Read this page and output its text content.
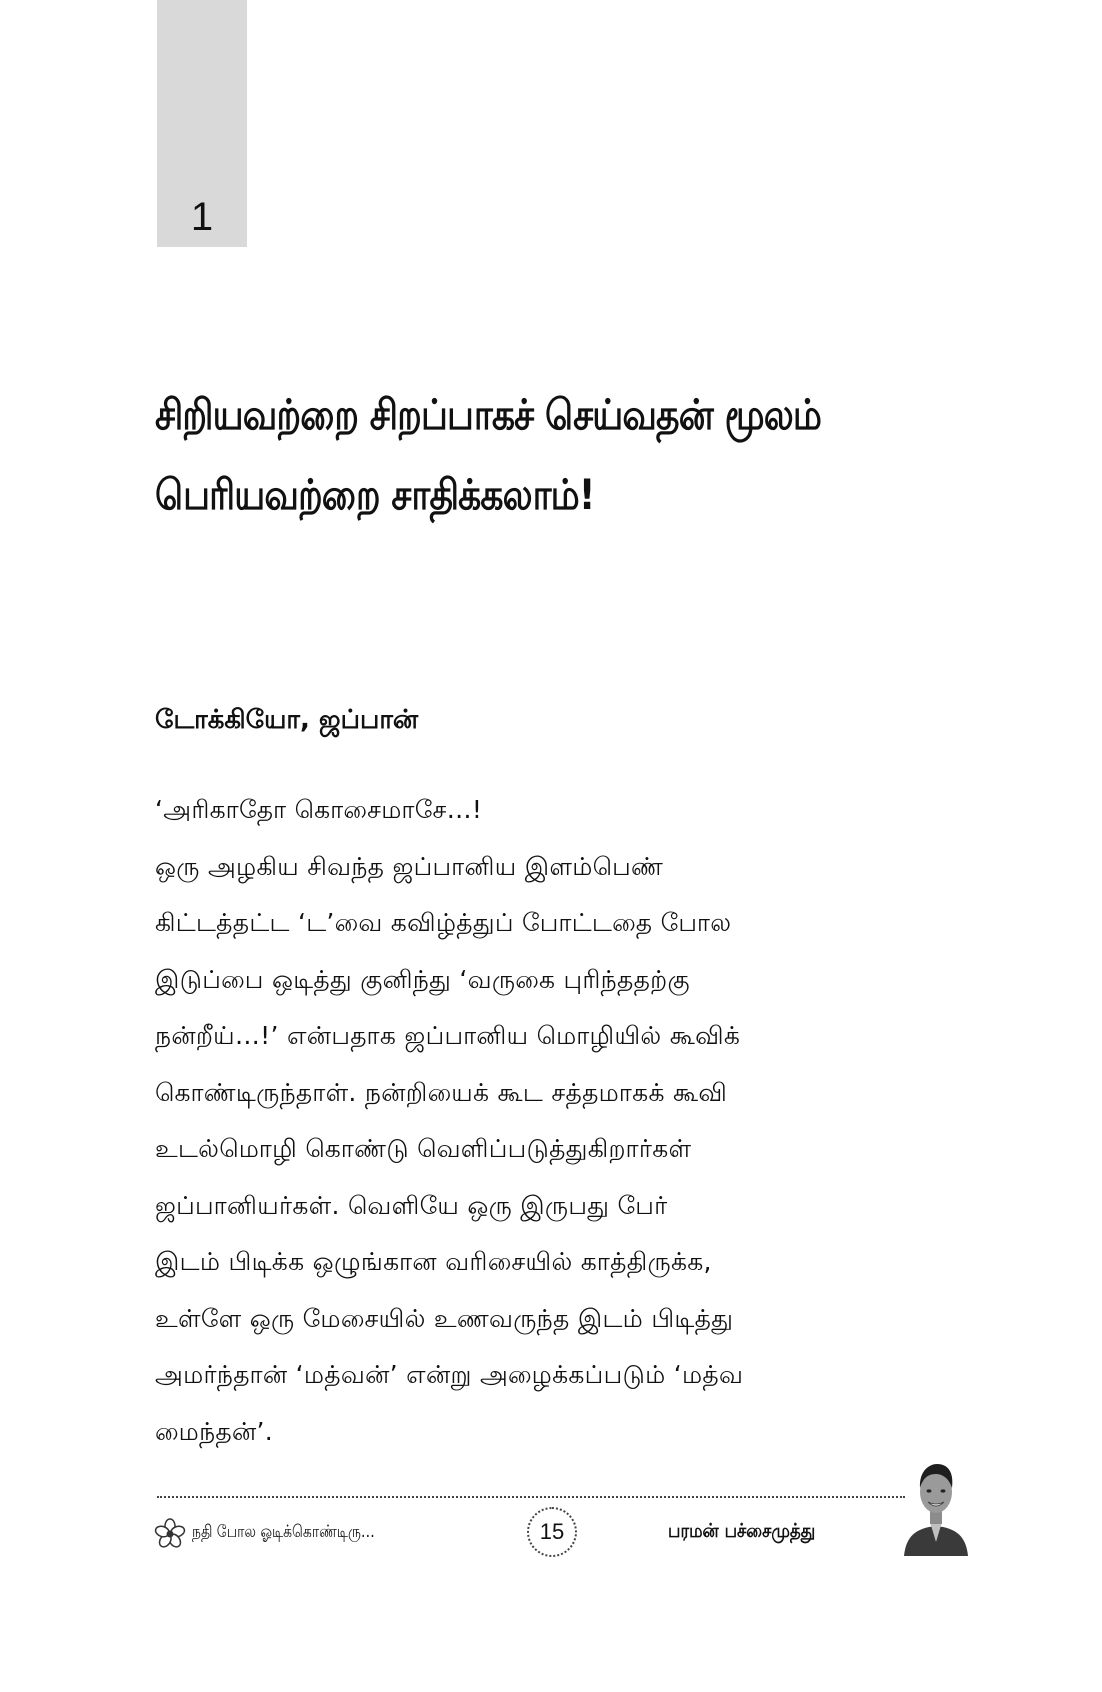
1
சிறியவற்றை சிறப்பாகச் செய்வதன் மூலம்
பெரியவற்றை சாதிக்கலாம்!
டோக்கியோ, ஜப்பான்
‘அரிகாதோ கொசைமாசே…!
ஒரு அழகிய சிவந்த ஜப்பானிய இளம்பெண்
கிட்டத்தட்ட ‘ட’வை கவிழ்த்துப் போட்டதை போல
இடுப்பை ஒடித்து குனிந்து ‘வருகை புரிந்ததற்கு
நன்றீய்…!’ என்பதாக ஜப்பானிய மொழியில் கூவிக்
கொண்டிருந்தாள். நன்றியைக் கூட சத்தமாகக் கூவி
உடல்மொழி கொண்டு வெளிப்படுத்துகிறார்கள்
ஜப்பானியர்கள். வெளியே ஒரு இருபது பேர்
இடம் பிடிக்க ஒழுங்கான வரிசையில் காத்திருக்க,
உள்ளே ஒரு மேசையில் உணவருந்த இடம் பிடித்து
அமர்ந்தான் ‘மத்வன்’ என்று அழைக்கப்படும் ‘மத்வ
மைந்தன்’.
நதி போல ஓடிக்கொண்டிரு…	15	பரமன் பச்சைமுத்து
